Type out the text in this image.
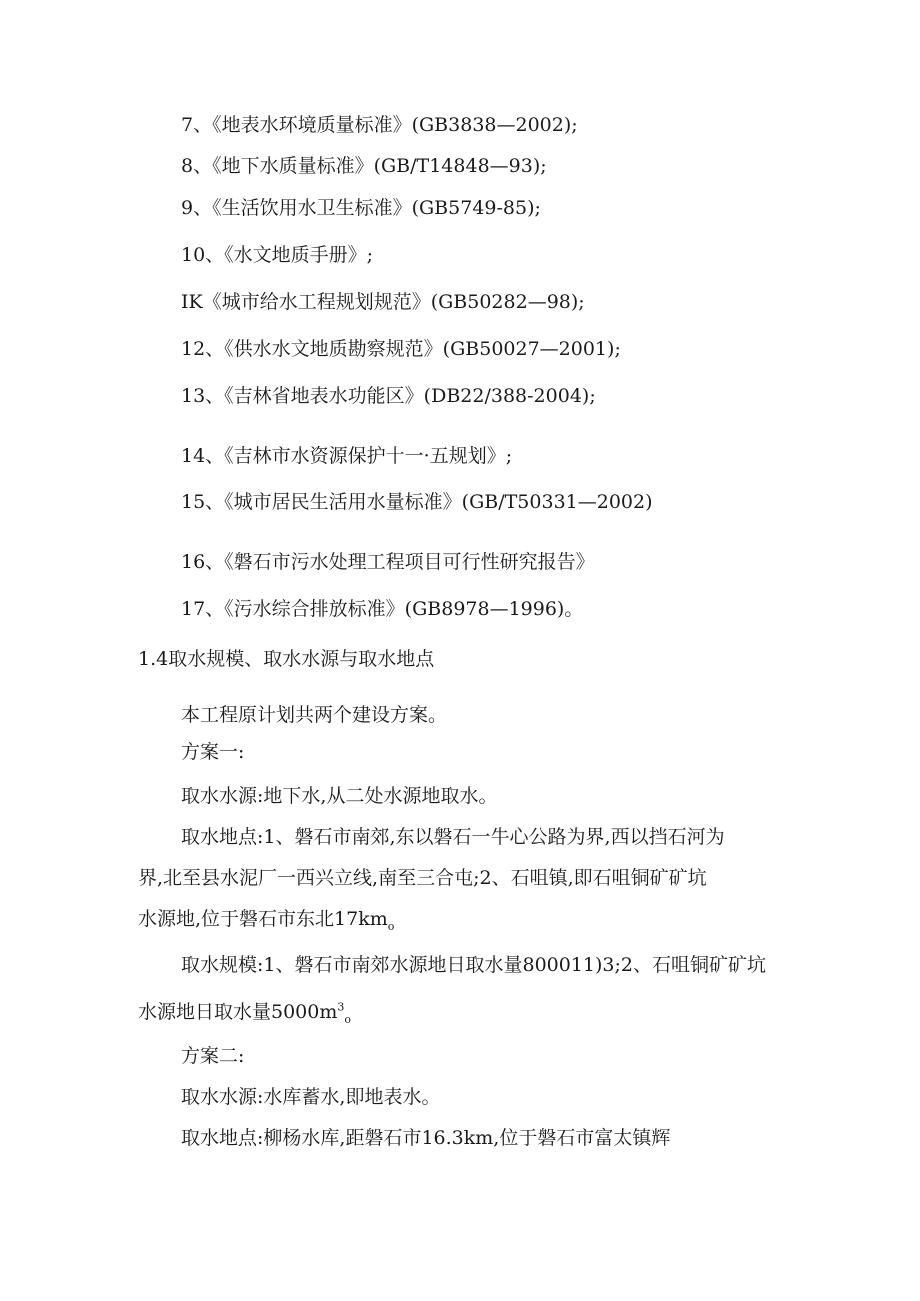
7、《地表水环境质量标准》(GB3838—2002);
8、《地下水质量标准》(GB/T14848—93);
9、《生活饮用水卫生标准》(GB5749-85);
10、《水文地质手册》;
IK《城市给水工程规划规范》(GB50282—98);
12、《供水水文地质勘察规范》(GB50027—2001);
13、《吉林省地表水功能区》(DB22/388-2004);
14、《吉林市水资源保护十一·五规划》;
15、《城市居民生活用水量标准》(GB/T50331—2002)
16、《磐石市污水处理工程项目可行性研究报告》
17、《污水综合排放标准》(GB8978—1996)。
1.4取水规模、取水水源与取水地点
本工程原计划共两个建设方案。
方案一:
取水水源:地下水,从二处水源地取水。
取水地点:1、磐石市南郊,东以磐石一牛心公路为界,西以挡石河为
界,北至县水泥厂一西兴立线,南至三合屯;2、石咀镇,即石咀铜矿矿坑
水源地,位于磐石市东北$17km_o$
取水规模:1、磐石市南郊水源地日取水量800011)3;2、石咀铜矿矿坑
水源地日取水量$5000m^3_o$
方案二:
取水水源:水库蓄水,即地表水。
取水地点:柳杨水库,距磐石市16.3km,位于磐石市富太镇辉
